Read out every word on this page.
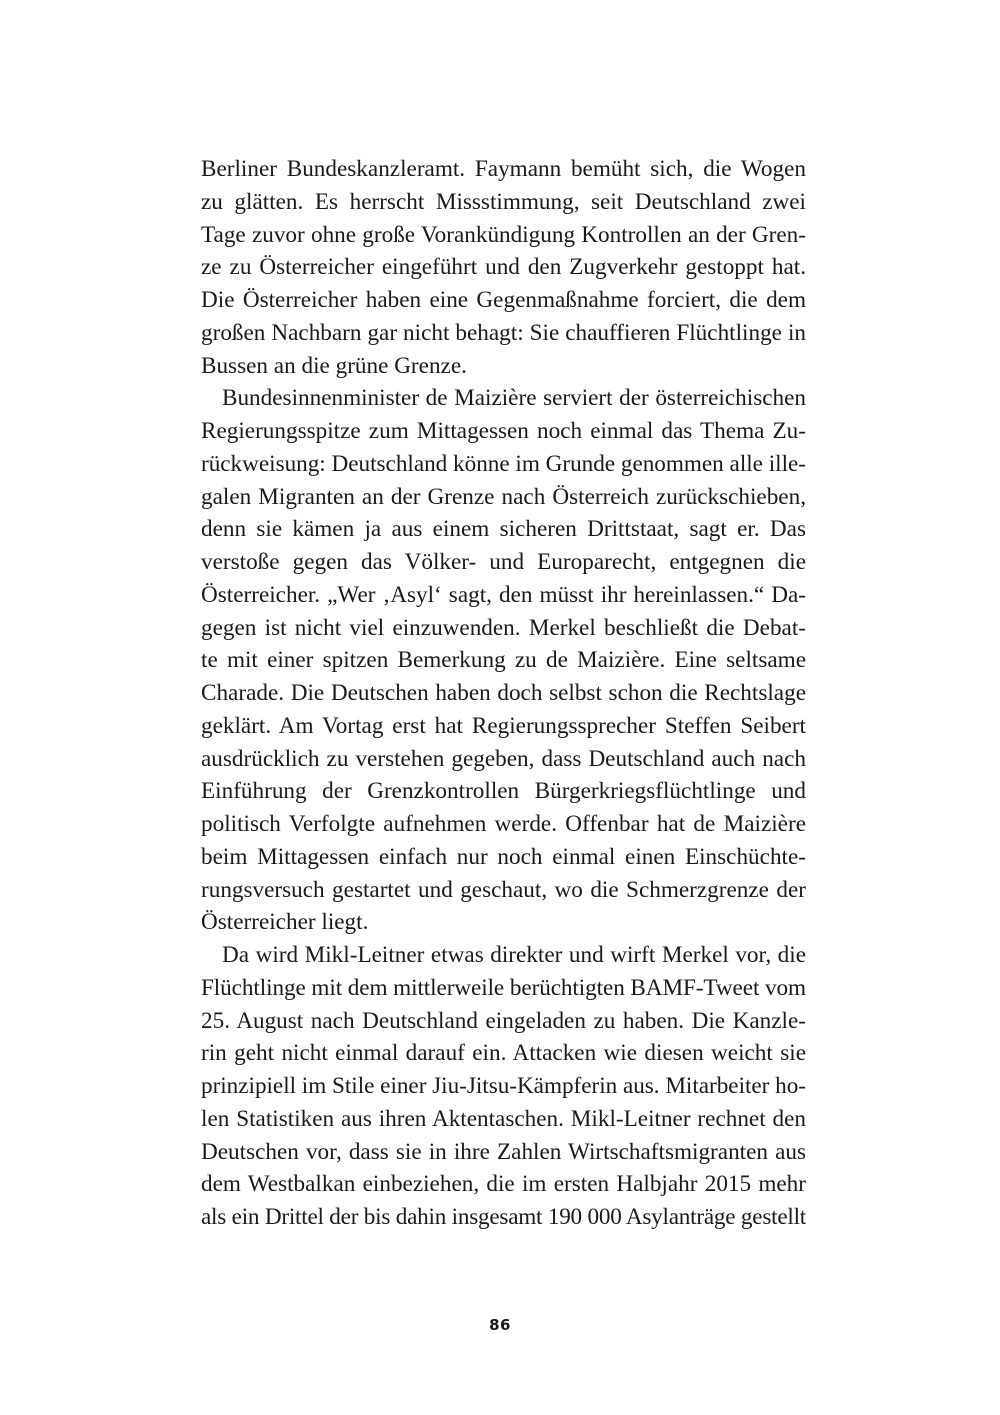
Berliner Bundeskanzleramt. Faymann bemüht sich, die Wogen
zu glätten. Es herrscht Missstimmung, seit Deutschland zwei
Tage zuvor ohne große Vorankündigung Kontrollen an der Gren-
ze zu Österreicher eingeführt und den Zugverkehr gestoppt hat.
Die Österreicher haben eine Gegenmaßnahme forciert, die dem
großen Nachbarn gar nicht behagt: Sie chauffieren Flüchtlinge in
Bussen an die grüne Grenze.
Bundesinnenminister de Maizière serviert der österreichischen
Regierungsspitze zum Mittagessen noch einmal das Thema Zu-
rückweisung: Deutschland könne im Grunde genommen alle ille-
galen Migranten an der Grenze nach Österreich zurückschieben,
denn sie kämen ja aus einem sicheren Drittstaat, sagt er. Das
verstoße gegen das Völker- und Europarecht, entgegnen die
Österreicher. „Wer ‚Asyl‘ sagt, den müsst ihr hereinlassen.“ Da-
gegen ist nicht viel einzuwenden. Merkel beschließt die Debat-
te mit einer spitzen Bemerkung zu de Maizière. Eine seltsame
Charade. Die Deutschen haben doch selbst schon die Rechtslage
geklärt. Am Vortag erst hat Regierungssprecher Steffen Seibert
ausdrücklich zu verstehen gegeben, dass Deutschland auch nach
Einführung der Grenzkontrollen Bürgerkriegsflüchtlinge und
politisch Verfolgte aufnehmen werde. Offenbar hat de Maizière
beim Mittagessen einfach nur noch einmal einen Einschüchte-
rungsversuch gestartet und geschaut, wo die Schmerzgrenze der
Österreicher liegt.
Da wird Mikl-Leitner etwas direkter und wirft Merkel vor, die
Flüchtlinge mit dem mittlerweile berüchtigten BAMF-Tweet vom
25. August nach Deutschland eingeladen zu haben. Die Kanzle-
rin geht nicht einmal darauf ein. Attacken wie diesen weicht sie
prinzipiell im Stile einer Jiu-Jitsu-Kämpferin aus. Mitarbeiter ho-
len Statistiken aus ihren Aktentaschen. Mikl-Leitner rechnet den
Deutschen vor, dass sie in ihre Zahlen Wirtschaftsmigranten aus
dem Westbalkan einbeziehen, die im ersten Halbjahr 2015 mehr
als ein Drittel der bis dahin insgesamt 190 000 Asylanträge gestellt
86
